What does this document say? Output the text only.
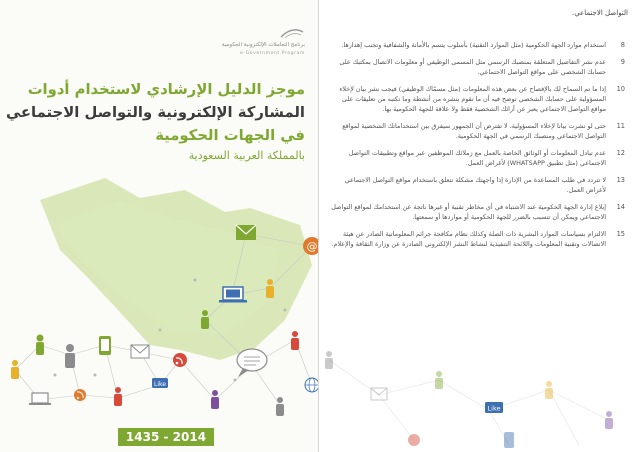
برنامج التعاملات الإلكترونية الحكومية
e-Government Program
موجز الدليل الإرشادي لاستخدام أدوات
المشاركة الإلكترونية والتواصل الاجتماعي
في الجهات الحكومية
بالمملكة العربية السعودية
@
Like
1435 - 2014
Like
التواصل الاجتماعي.
8
استخدام موارد الجهة الحكومية (مثل الموارد التقنية) بأسلوب يتسم بالأمانة والشفافية وتجنب إهدارها.
9
عدم نشر التفاصيل المتعلقة بمنصبك الرسمي مثل المسمى الوظيفي أو معلومات الاتصال بمكتبك على حسابك الشخصي على مواقع التواصل الاجتماعي.
10
إذا ما تم السماح لك بالإفصاح عن بعض هذه المعلومات (مثل مسمّاك الوظيفي) فيجب نشر بيان لإخلاء المسؤولية على حسابك الشخصي توضح فيه أن ما تقوم بنشره من أنشطة وما تكتبه من تعليقات على مواقع التواصل الاجتماعي يعبر عن آرائك الشخصية فقط ولا علاقة للجهة الحكومية بها.
11
حتى لو نشرت بيانا لإخلاء المسؤولية، لا تفترض أن الجمهور سيفرق بين استخداماتك الشخصية لمواقع التواصل الاجتماعي ومنصبك الرسمي في الجهة الحكومية.
12
عدم تبادل المعلومات أو الوثائق الخاصة بالعمل مع زملائك الموظفين عبر مواقع وتطبيقات التواصل الاجتماعي (مثل تطبيق WHATSAPP) لأغراض العمل.
13
لا تتردد في طلب المساعدة من الإدارة إذا واجهتك مشكلة تتعلق باستخدام مواقع التواصل الاجتماعي لأغراض العمل.
14
إبلاغ إدارة الجهة الحكومية عند الاشتباه في أي مخاطر تقنية أو غيرها ناتجة عن استخدامك لمواقع التواصل الاجتماعي ويمكن أن تتسبب بالضرر للجهة الحكومية أو مواردها أو سمعتها.
15
الالتزام بسياسات الموارد البشرية ذات الصلة وكذلك نظام مكافحة جرائم المعلوماتية الصادر عن هيئة الاتصالات وتقنية المعلومات واللائحة التنفيذية لنشاط النشر الإلكتروني الصادرة عن وزارة الثقافة والإعلام.
